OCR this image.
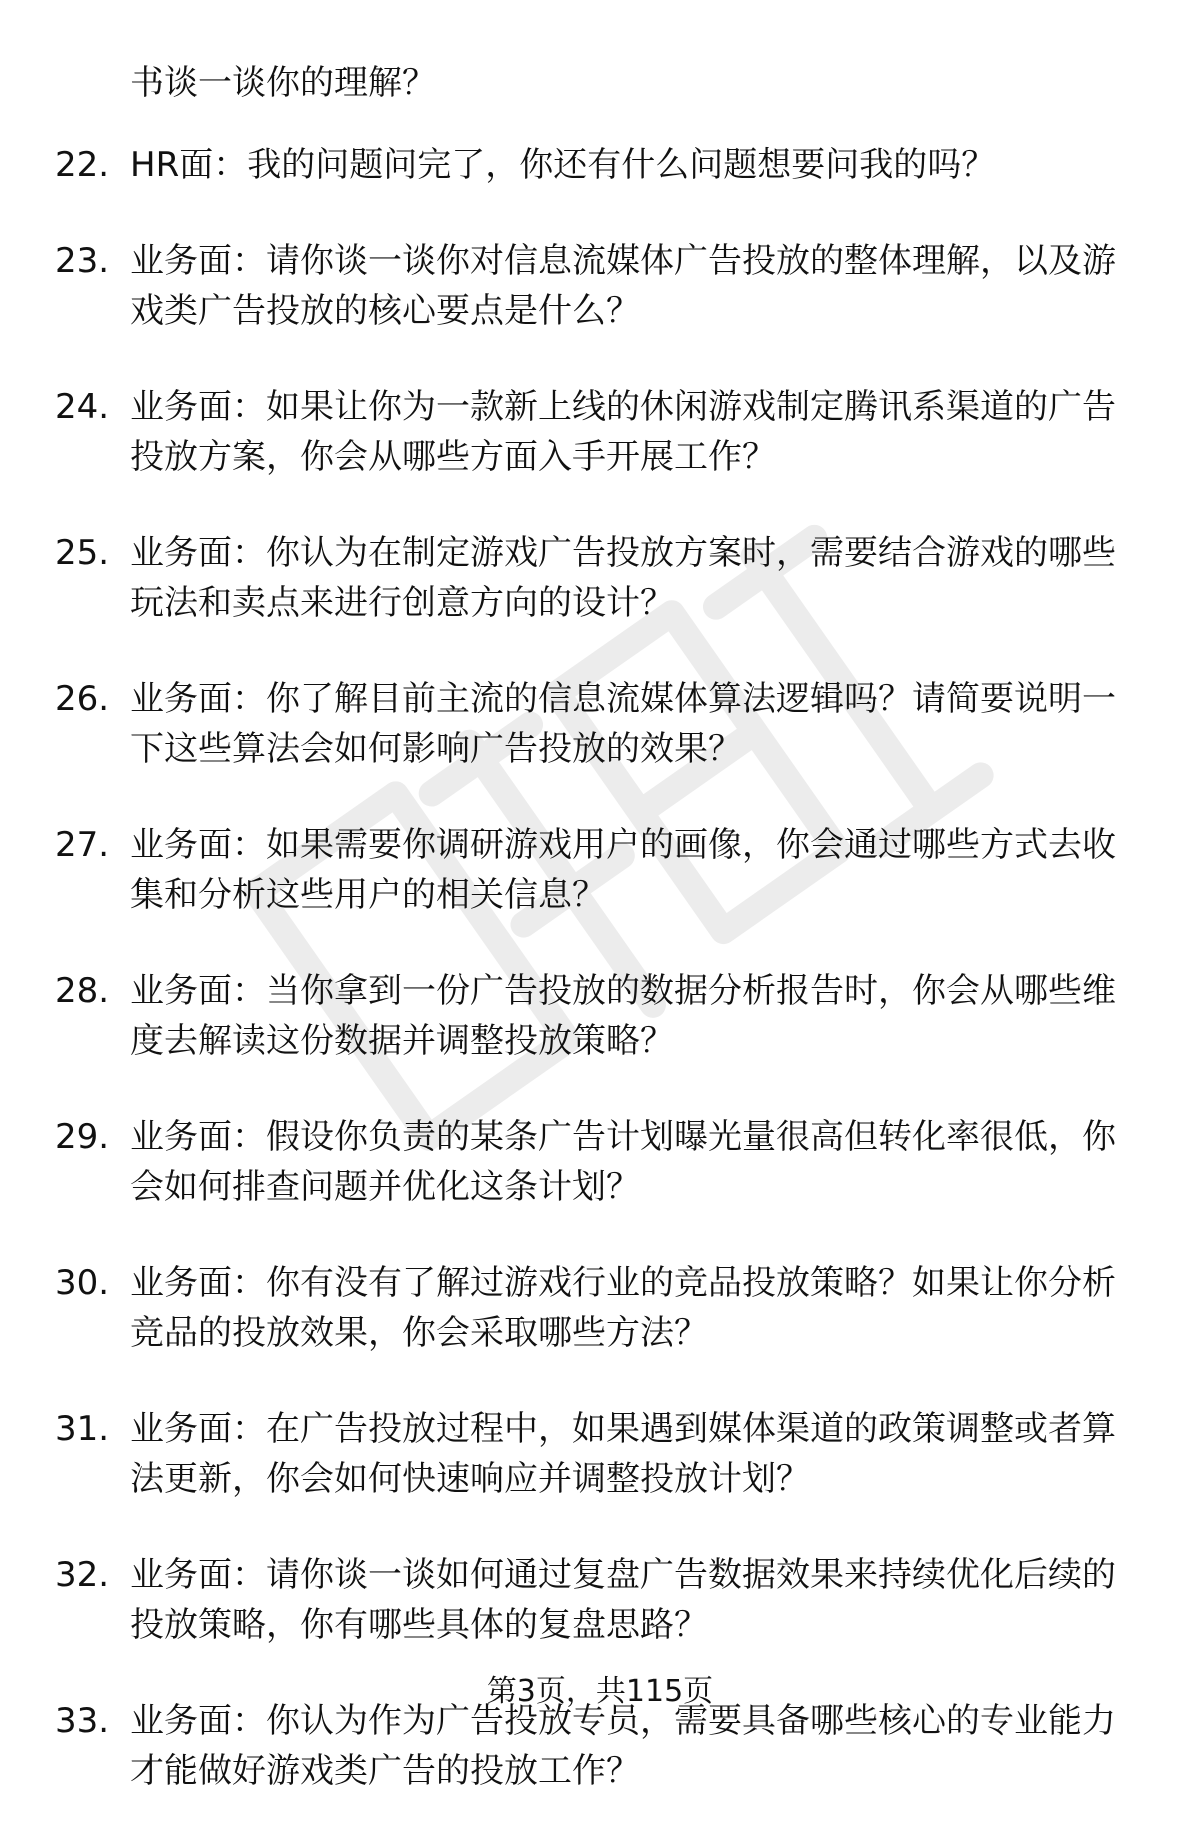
书谈一谈你的理解？
22. HR面：我的问题问完了，你还有什么问题想要问我的吗？
23. 业务面：请你谈一谈你对信息流媒体广告投放的整体理解，以及游戏类广告投放的核心要点是什么？
24. 业务面：如果让你为一款新上线的休闲游戏制定腾讯系渠道的广告投放方案，你会从哪些方面入手开展工作？
25. 业务面：你认为在制定游戏广告投放方案时，需要结合游戏的哪些玩法和卖点来进行创意方向的设计？
26. 业务面：你了解目前主流的信息流媒体算法逻辑吗？请简要说明一下这些算法会如何影响广告投放的效果？
27. 业务面：如果需要你调研游戏用户的画像，你会通过哪些方式去收集和分析这些用户的相关信息？
28. 业务面：当你拿到一份广告投放的数据分析报告时，你会从哪些维度去解读这份数据并调整投放策略？
29. 业务面：假设你负责的某条广告计划曝光量很高但转化率很低，你会如何排查问题并优化这条计划？
30. 业务面：你有没有了解过游戏行业的竞品投放策略？如果让你分析竞品的投放效果，你会采取哪些方法？
31. 业务面：在广告投放过程中，如果遇到媒体渠道的政策调整或者算法更新，你会如何快速响应并调整投放计划？
32. 业务面：请你谈一谈如何通过复盘广告数据效果来持续优化后续的投放策略，你有哪些具体的复盘思路？
33. 业务面：你认为作为广告投放专员，需要具备哪些核心的专业能力才能做好游戏类广告的投放工作？
第3页，共115页
